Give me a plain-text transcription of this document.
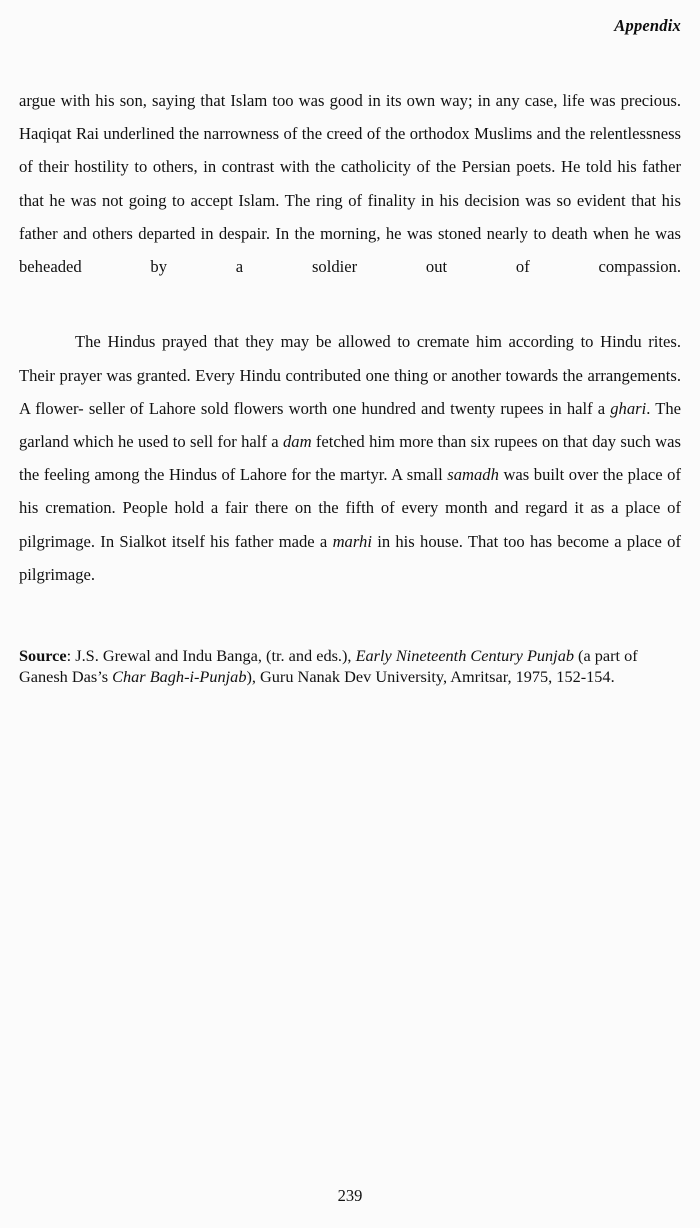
Appendix

argue with his son, saying that Islam too was good in its own way; in any case, life was precious. Haqiqat Rai underlined the narrowness of the creed of the orthodox Muslims and the relentlessness of their hostility to others, in contrast with the catholicity of the Persian poets. He told his father that he was not going to accept Islam. The ring of finality in his decision was so evident that his father and others departed in despair. In the morning, he was stoned nearly to death when he was beheaded by a soldier out of compassion.

The Hindus prayed that they may be allowed to cremate him according to Hindu rites. Their prayer was granted. Every Hindu contributed one thing or another towards the arrangements. A flower- seller of Lahore sold flowers worth one hundred and twenty rupees in half a ghari. The garland which he used to sell for half a dam fetched him more than six rupees on that day such was the feeling among the Hindus of Lahore for the martyr. A small samadh was built over the place of his cremation. People hold a fair there on the fifth of every month and regard it as a place of pilgrimage. In Sialkot itself his father made a marhi in his house. That too has become a place of pilgrimage.

Source: J.S. Grewal and Indu Banga, (tr. and eds.), Early Nineteenth Century Punjab (a part of Ganesh Das’s Char Bagh-i-Punjab), Guru Nanak Dev University, Amritsar, 1975, 152-154.
239
